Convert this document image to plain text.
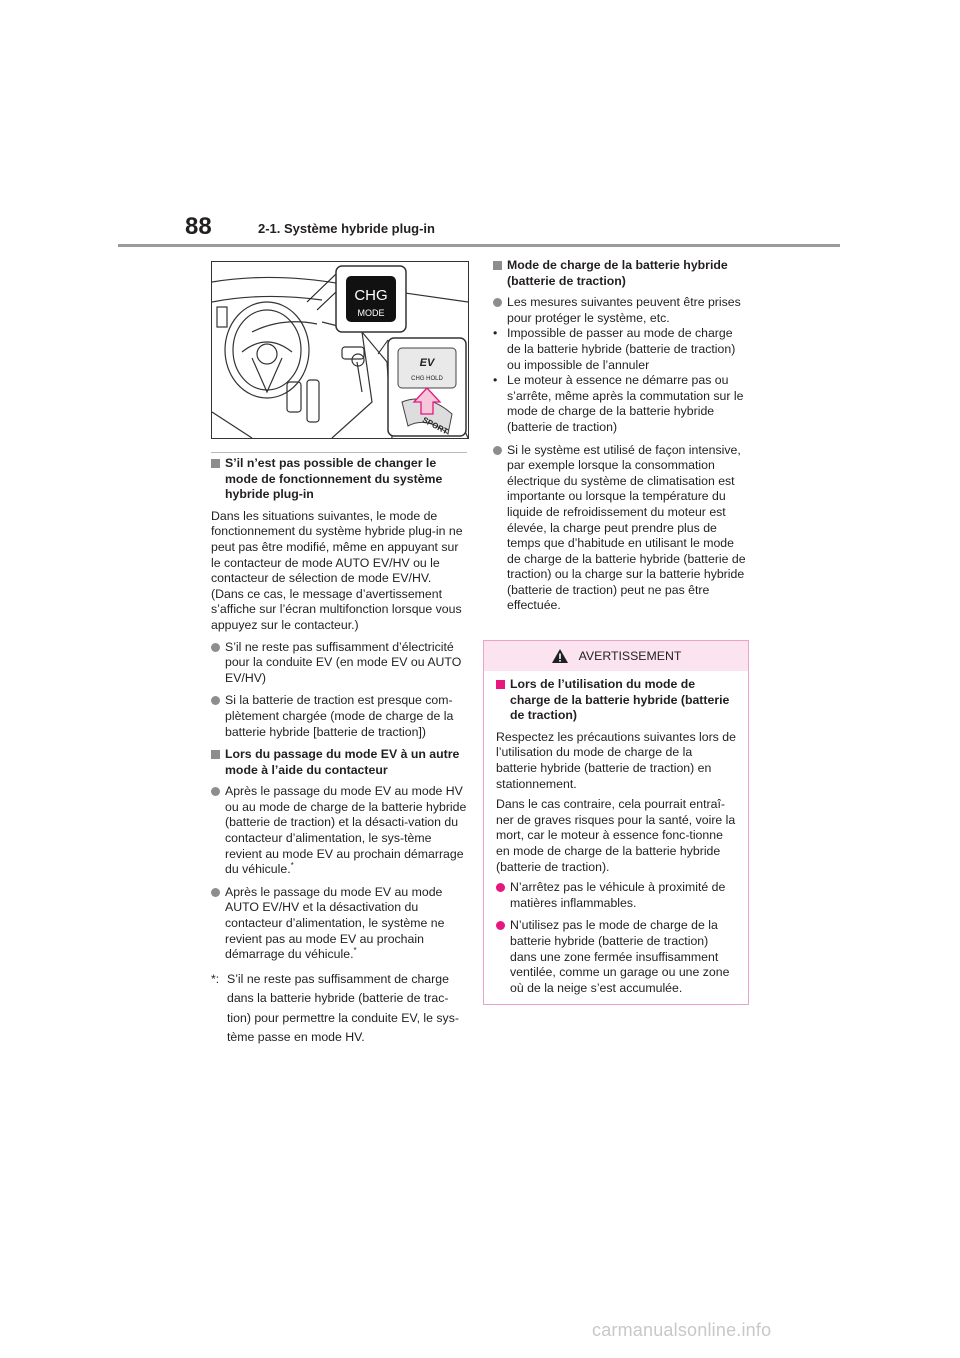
88	2-1. Système hybride plug-in
CHG
MODE
EV
CHG HOLD
SPORT
S’il n’est pas possible de changer le mode de fonctionnement du système hybride plug-in
Dans les situations suivantes, le mode de fonctionnement du système hybride plug-in ne peut pas être modifié, même en appuyant sur le contacteur de mode AUTO EV/HV ou le contacteur de sélection de mode EV/HV. (Dans ce cas, le message d’avertissement s’affiche sur l’écran multifonction lorsque vous appuyez sur le contacteur.)
S’il ne reste pas suffisamment d’électricité pour la conduite EV (en mode EV ou AUTO EV/HV)
Si la batterie de traction est presque com-plètement chargée (mode de charge de la batterie hybride [batterie de traction])
Lors du passage du mode EV à un autre mode à l’aide du contacteur
Après le passage du mode EV au mode HV ou au mode de charge de la batterie hybride (batterie de traction) et la désacti-vation du contacteur d’alimentation, le sys-tème revient au mode EV au prochain démarrage du véhicule.*
Après le passage du mode EV au mode AUTO EV/HV et la désactivation du contacteur d’alimentation, le système ne revient pas au mode EV au prochain démarrage du véhicule.*
*: S’il ne reste pas suffisamment de charge dans la batterie hybride (batterie de trac-tion) pour permettre la conduite EV, le sys-tème passe en mode HV.
Mode de charge de la batterie hybride (batterie de traction)
Les mesures suivantes peuvent être prises pour protéger le système, etc.
• Impossible de passer au mode de charge de la batterie hybride (batterie de traction) ou impossible de l’annuler
• Le moteur à essence ne démarre pas ou s’arrête, même après la commutation sur le mode de charge de la batterie hybride (batterie de traction)
Si le système est utilisé de façon intensive, par exemple lorsque la consommation électrique du système de climatisation est importante ou lorsque la température du liquide de refroidissement du moteur est élevée, la charge peut prendre plus de temps que d’habitude en utilisant le mode de charge de la batterie hybride (batterie de traction) ou la charge sur la batterie hybride (batterie de traction) peut ne pas être effectuée.
AVERTISSEMENT
Lors de l’utilisation du mode de charge de la batterie hybride (batterie de traction)
Respectez les précautions suivantes lors de l’utilisation du mode de charge de la batterie hybride (batterie de traction) en stationnement.
Dans le cas contraire, cela pourrait entraî-ner de graves risques pour la santé, voire la mort, car le moteur à essence fonc-tionne en mode de charge de la batterie hybride (batterie de traction).
N’arrêtez pas le véhicule à proximité de matières inflammables.
N’utilisez pas le mode de charge de la batterie hybride (batterie de traction) dans une zone fermée insuffisamment ventilée, comme un garage ou une zone où de la neige s’est accumulée.
carmanualsonline.info
